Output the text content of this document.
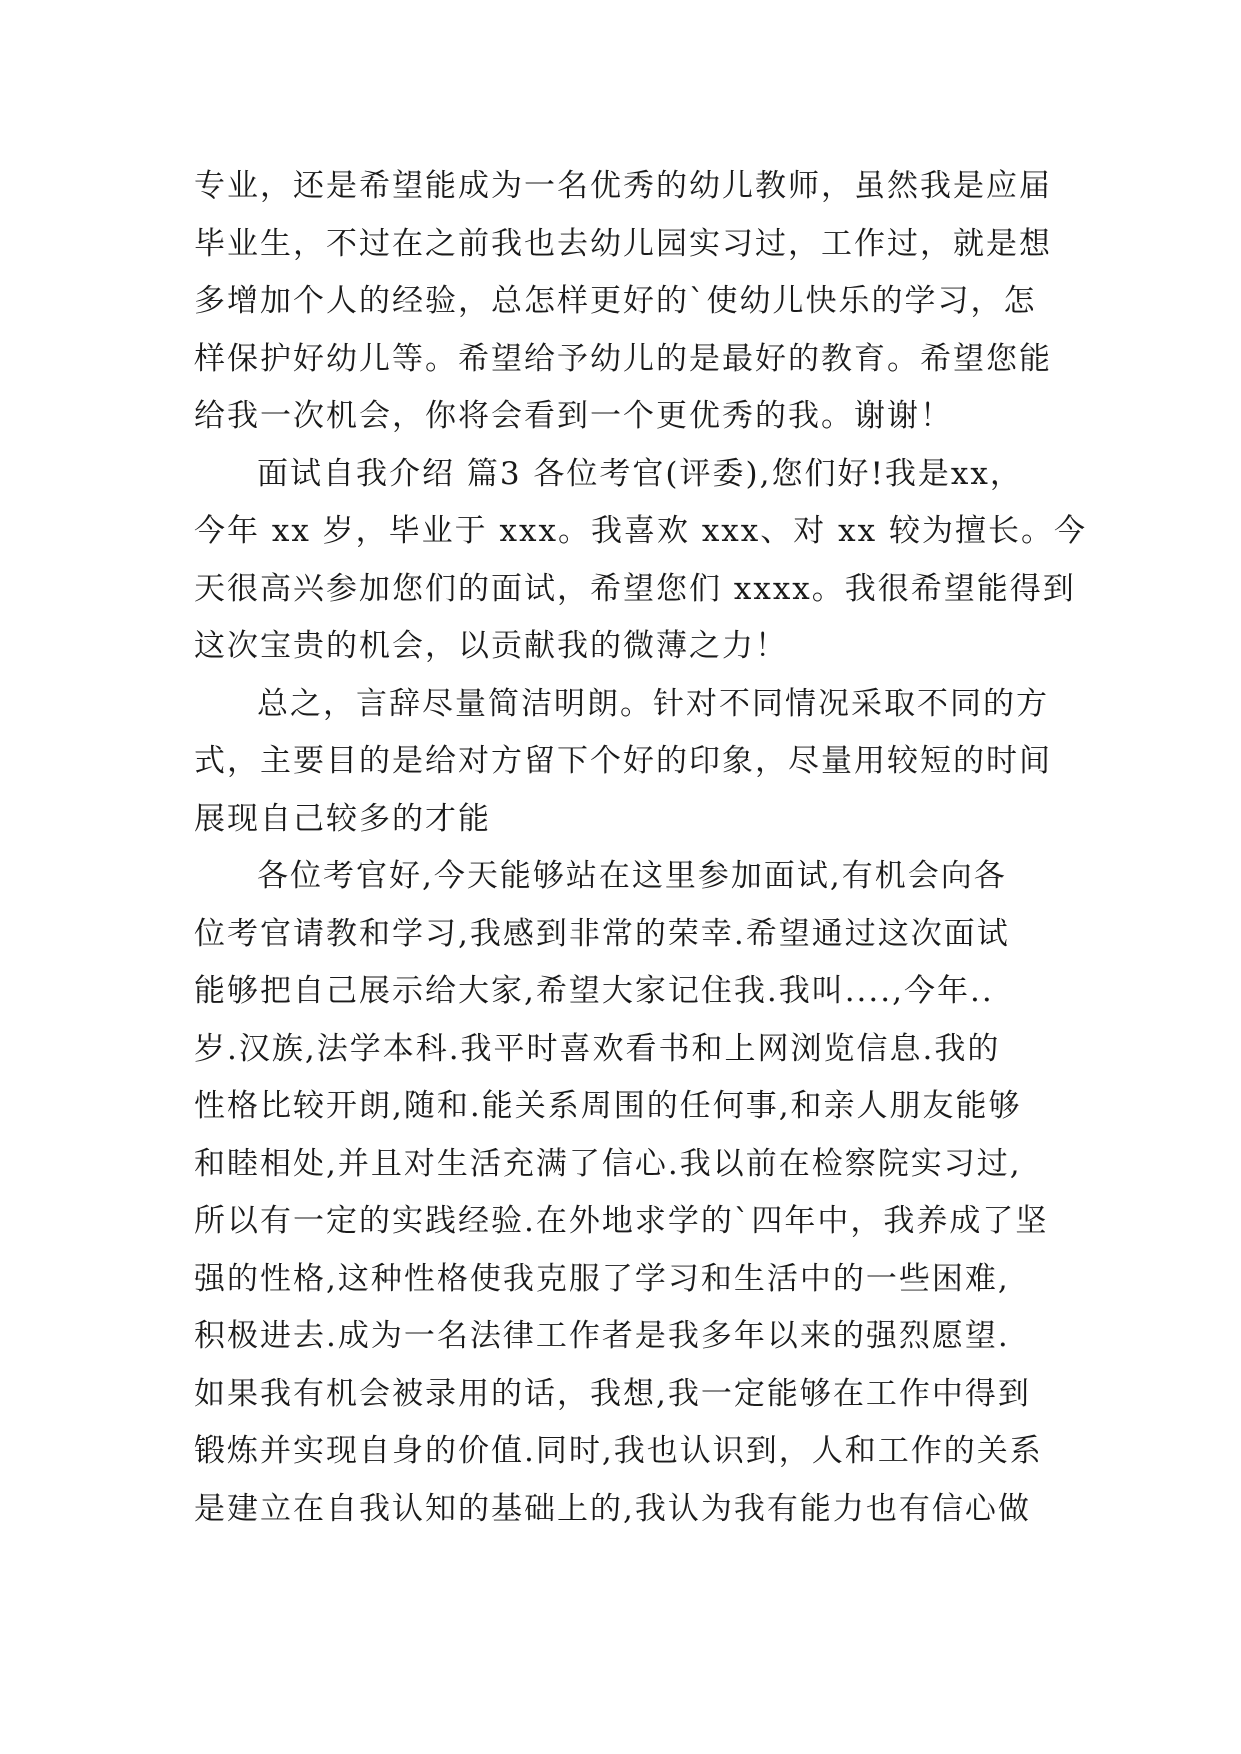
专业，还是希望能成为一名优秀的幼儿教师，虽然我是应届
毕业生，不过在之前我也去幼儿园实习过，工作过，就是想
多增加个人的经验，总怎样更好的`使幼儿快乐的学习，怎
样保护好幼儿等。希望给予幼儿的是最好的教育。希望您能
给我一次机会，你将会看到一个更优秀的我。谢谢！
面试自我介绍 篇3 各位考官(评委),您们好!我是xx，
今年 xx 岁，毕业于 xxx。我喜欢 xxx、对 xx 较为擅长。今
天很高兴参加您们的面试，希望您们 xxxx。我很希望能得到
这次宝贵的机会，以贡献我的微薄之力！
总之，言辞尽量简洁明朗。针对不同情况采取不同的方
式，主要目的是给对方留下个好的印象，尽量用较短的时间
展现自己较多的才能
各位考官好,今天能够站在这里参加面试,有机会向各
位考官请教和学习,我感到非常的荣幸.希望通过这次面试
能够把自己展示给大家,希望大家记住我.我叫....,今年..
岁.汉族,法学本科.我平时喜欢看书和上网浏览信息.我的
性格比较开朗,随和.能关系周围的任何事,和亲人朋友能够
和睦相处,并且对生活充满了信心.我以前在检察院实习过,
所以有一定的实践经验.在外地求学的`四年中，我养成了坚
强的性格,这种性格使我克服了学习和生活中的一些困难,
积极进去.成为一名法律工作者是我多年以来的强烈愿望.
如果我有机会被录用的话，我想,我一定能够在工作中得到
锻炼并实现自身的价值.同时,我也认识到，人和工作的关系
是建立在自我认知的基础上的,我认为我有能力也有信心做
